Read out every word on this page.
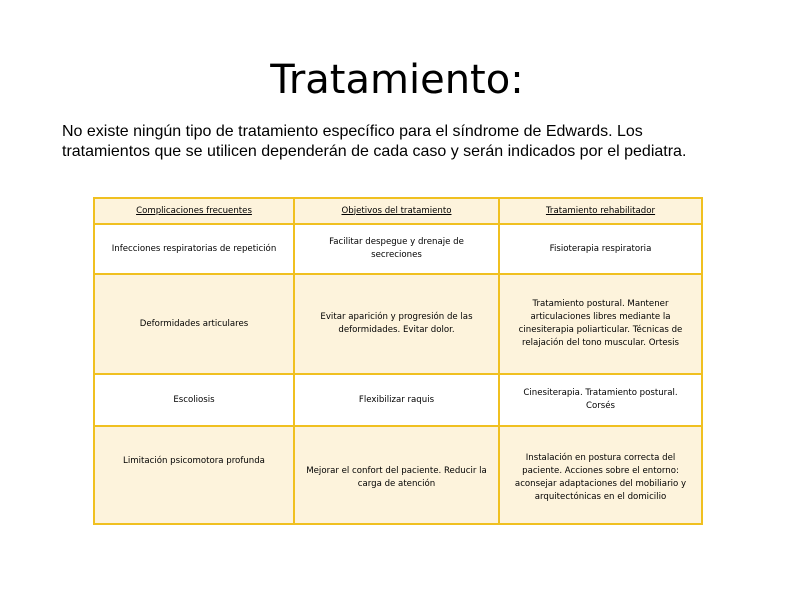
Tratamiento:

No existe ningún tipo de tratamiento específico para el síndrome de Edwards. Los tratamientos que se utilicen dependerán de cada caso y serán indicados por el pediatra.

Complicaciones frecuentes	Objetivos del tratamiento	Tratamiento rehabilitador
Infecciones respiratorias de repetición	Facilitar despegue y drenaje de secreciones	Fisioterapia respiratoria
Deformidades articulares	Evitar aparición y progresión de las deformidades. Evitar dolor.	Tratamiento postural. Mantener articulaciones libres mediante la cinesiterapia poliarticular. Técnicas de relajación del tono muscular. Ortesis
Escoliosis	Flexibilizar raquis	Cinesiterapia. Tratamiento postural. Corsés
Limitación psicomotora profunda	Mejorar el confort del paciente. Reducir la carga de atención	Instalación en postura correcta del paciente. Acciones sobre el entorno: aconsejar adaptaciones del mobiliario y arquitectónicas en el domicilio
